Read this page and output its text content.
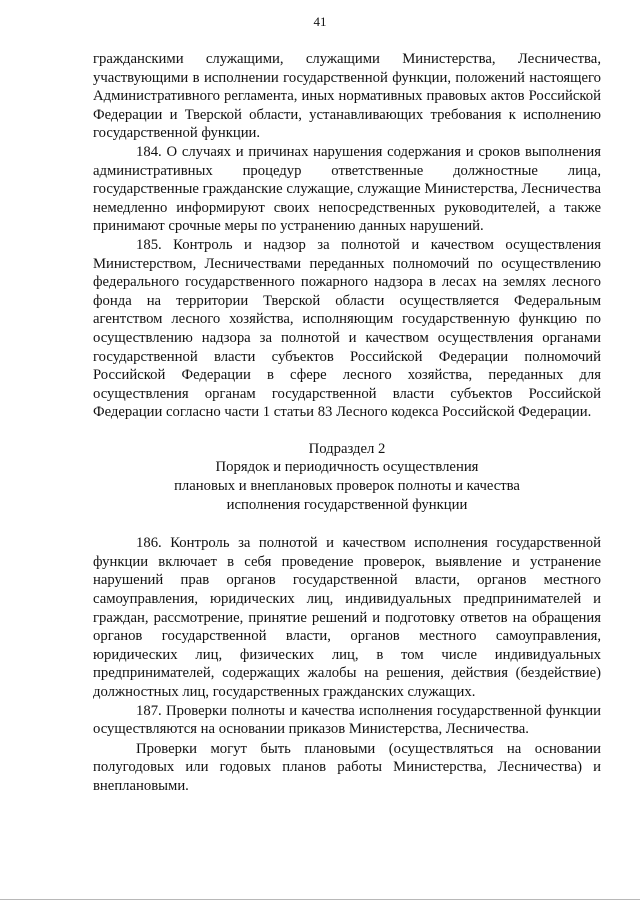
41

гражданскими служащими, служащими Министерства, Лесничества, участвующими в исполнении государственной функции, положений настоящего Административного регламента, иных нормативных правовых актов Российской Федерации и Тверской области, устанавливающих требования к исполнению государственной функции.

184. О случаях и причинах нарушения содержания и сроков выполнения административных процедур ответственные должностные лица, государственные гражданские служащие, служащие Министерства, Лесничества немедленно информируют своих непосредственных руководителей, а также принимают срочные меры по устранению данных нарушений.

185. Контроль и надзор за полнотой и качеством осуществления Министерством, Лесничествами переданных полномочий по осуществлению федерального государственного пожарного надзора в лесах на землях лесного фонда на территории Тверской области осуществляется Федеральным агентством лесного хозяйства, исполняющим государственную функцию по осуществлению надзора за полнотой и качеством осуществления органами государственной власти субъектов Российской Федерации полномочий Российской Федерации в сфере лесного хозяйства, переданных для осуществления органам государственной власти субъектов Российской Федерации согласно части 1 статьи 83 Лесного кодекса Российской Федерации.

Подраздел 2
Порядок и периодичность осуществления
плановых и внеплановых проверок полноты и качества
исполнения государственной функции

186. Контроль за полнотой и качеством исполнения государственной функции включает в себя проведение проверок, выявление и устранение нарушений прав органов государственной власти, органов местного самоуправления, юридических лиц, индивидуальных предпринимателей и граждан, рассмотрение, принятие решений и подготовку ответов на обращения органов государственной власти, органов местного самоуправления, юридических лиц, физических лиц, в том числе индивидуальных предпринимателей, содержащих жалобы на решения, действия (бездействие) должностных лиц, государственных гражданских служащих.

187. Проверки полноты и качества исполнения государственной функции осуществляются на основании приказов Министерства, Лесничества.

Проверки могут быть плановыми (осуществляться на основании полугодовых или годовых планов работы Министерства, Лесничества) и внеплановыми.
